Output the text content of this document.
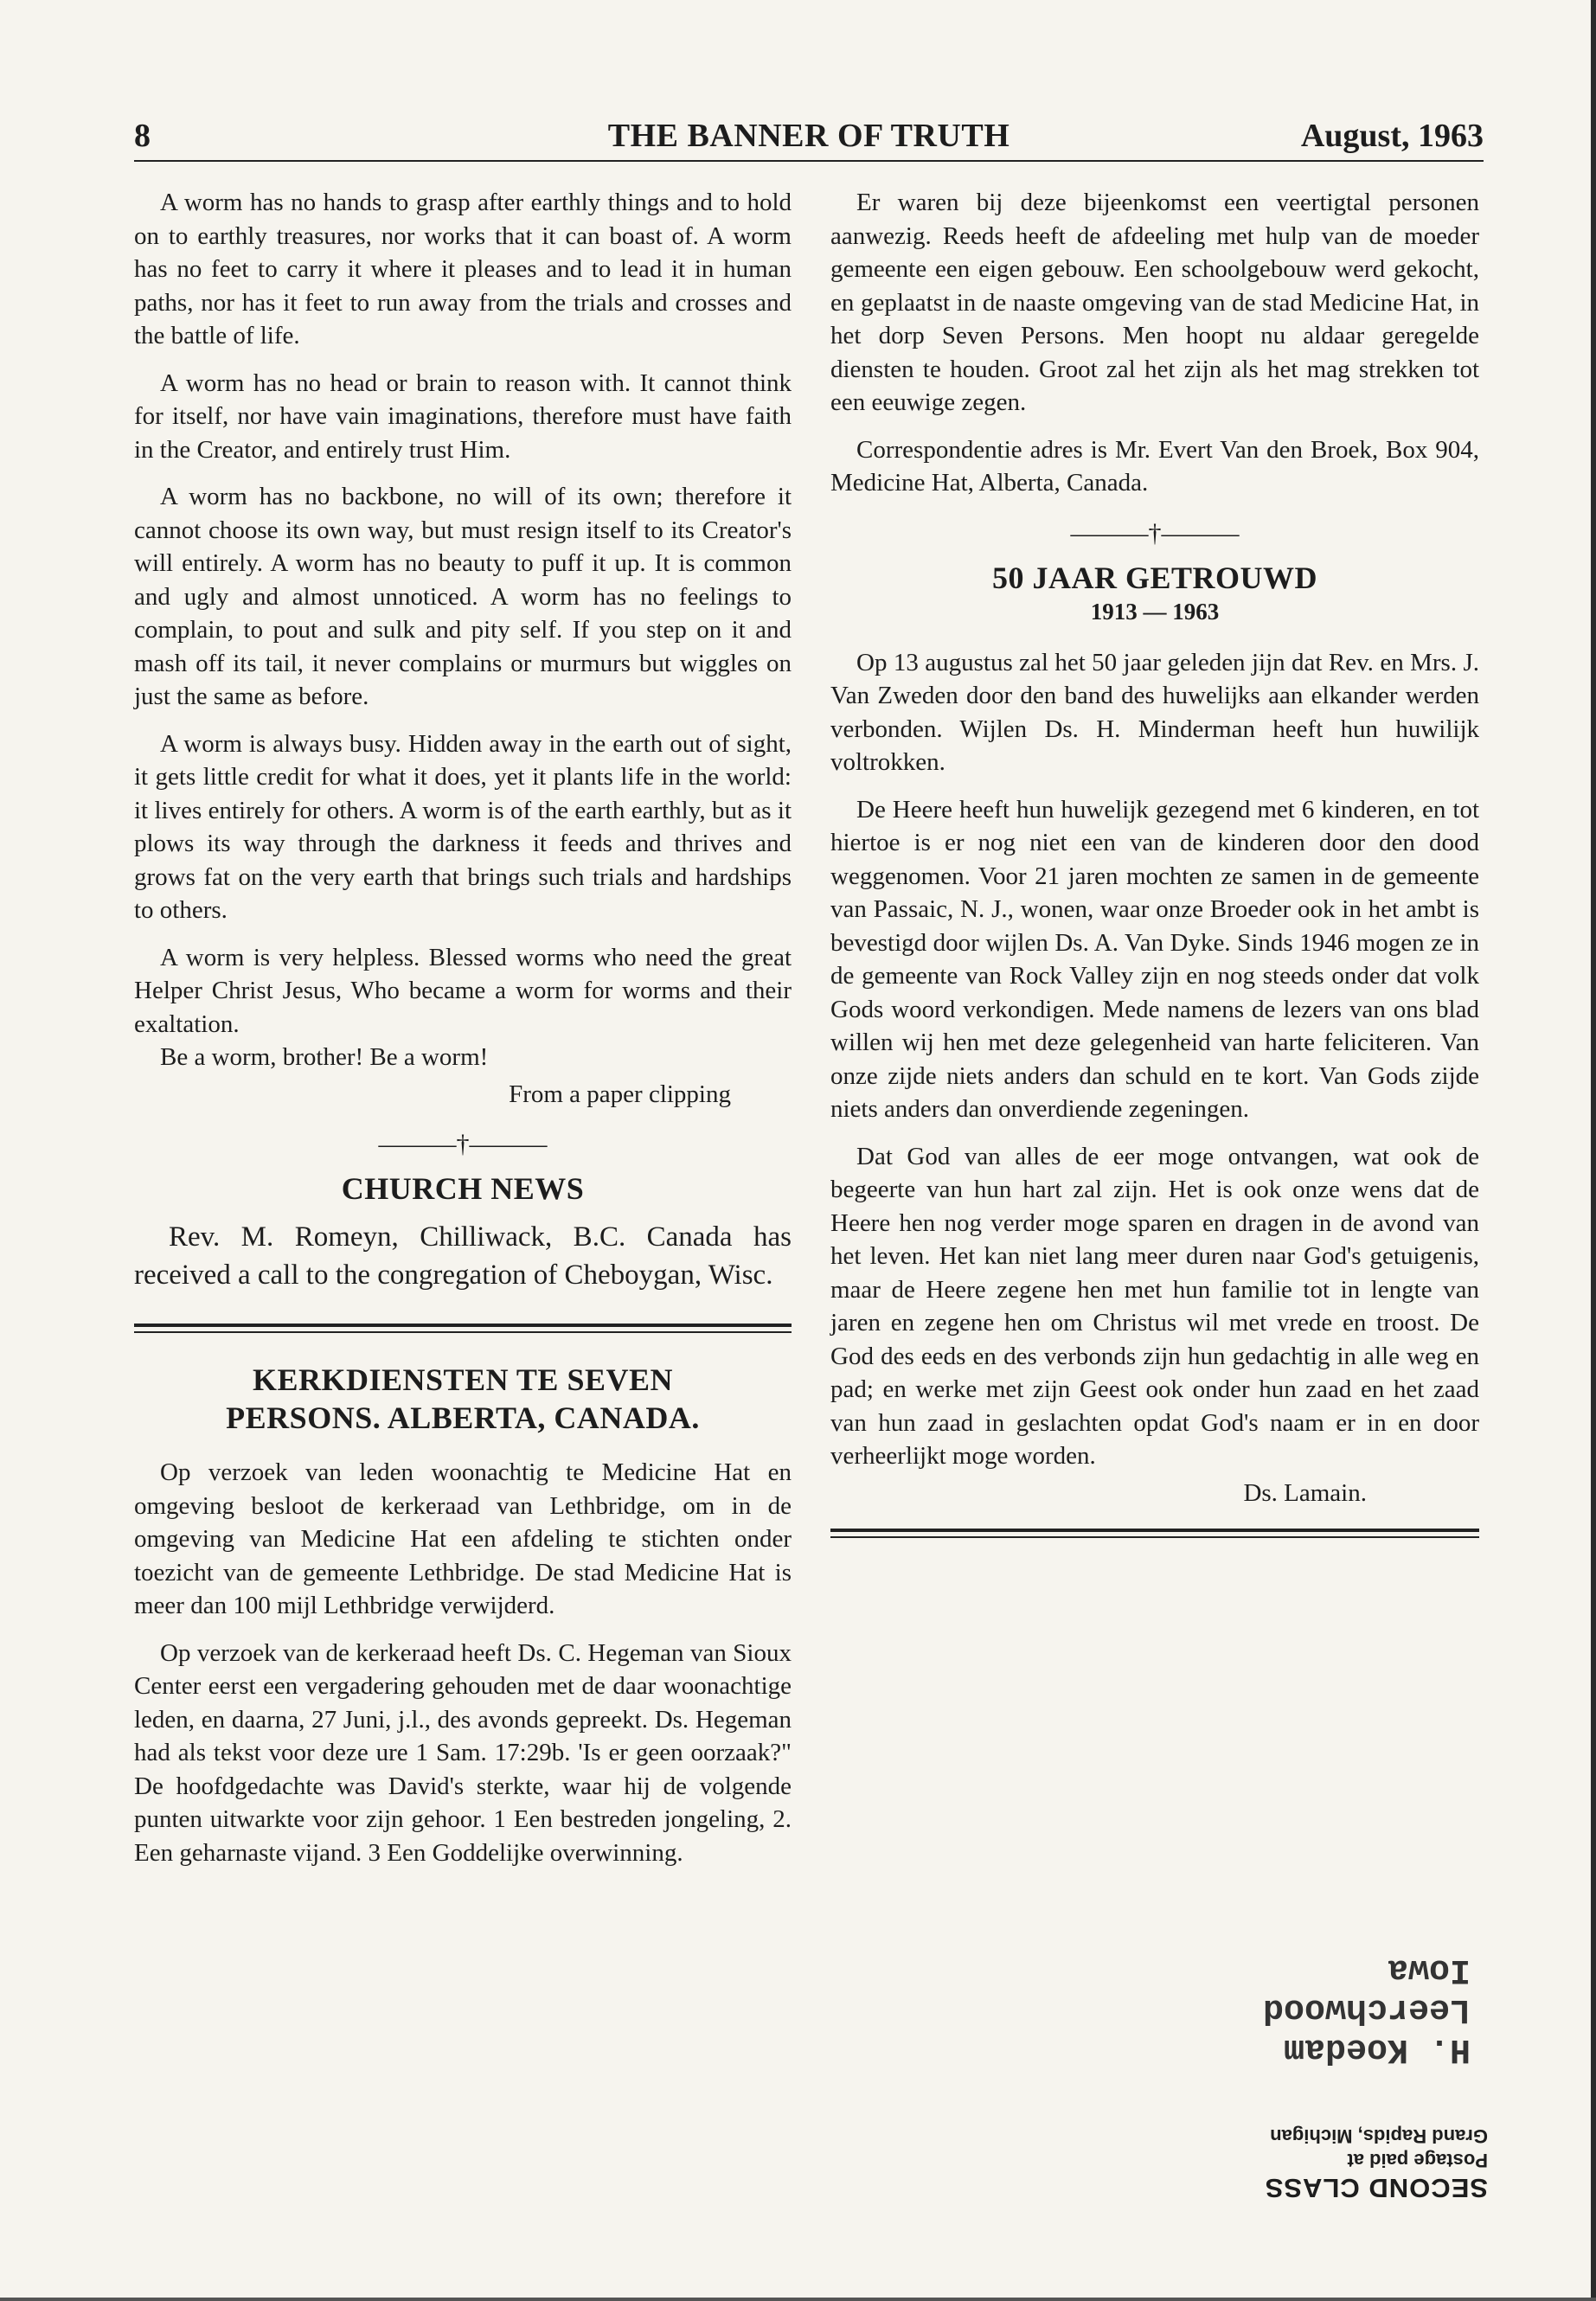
8	THE BANNER OF TRUTH	August, 1963

A worm has no hands to grasp after earthly things and to hold on to earthly treasures, nor works that it can boast of. A worm has no feet to carry it where it pleases and to lead it in human paths, nor has it feet to run away from the trials and crosses and the battle of life.

A worm has no head or brain to reason with. It cannot think for itself, nor have vain imaginations, therefore must have faith in the Creator, and entirely trust Him.

A worm has no backbone, no will of its own; therefore it cannot choose its own way, but must resign itself to its Creator's will entirely. A worm has no beauty to puff it up. It is common and ugly and almost unnoticed. A worm has no feelings to complain, to pout and sulk and pity self. If you step on it and mash off its tail, it never complains or murmurs but wiggles on just the same as before.

A worm is always busy. Hidden away in the earth out of sight, it gets little credit for what it does, yet it plants life in the world: it lives entirely for others. A worm is of the earth earthly, but as it plows its way through the darkness it feeds and thrives and grows fat on the very earth that brings such trials and hardships to others.

A worm is very helpless. Blessed worms who need the great Helper Christ Jesus, Who became a worm for worms and their exaltation.

Be a worm, brother! Be a worm!

From a paper clipping

———†———
CHURCH NEWS

Rev. M. Romeyn, Chilliwack, B.C. Canada has received a call to the congregation of Cheboygan, Wisc.

KERKDIENSTEN TE SEVEN
PERSONS. ALBERTA, CANADA.

Op verzoek van leden woonachtig te Medicine Hat en omgeving besloot de kerkeraad van Lethbridge, om in de omgeving van Medicine Hat een afdeling te stichten onder toezicht van de gemeente Lethbridge. De stad Medicine Hat is meer dan 100 mijl Lethbridge verwijderd.

Op verzoek van de kerkeraad heeft Ds. C. Hegeman van Sioux Center eerst een vergadering gehouden met de daar woonachtige leden, en daarna, 27 Juni, j.l., des avonds gepreekt. Ds. Hegeman had als tekst voor deze ure 1 Sam. 17:29b. 'Is er geen oorzaak?" De hoofdgedachte was David's sterkte, waar hij de volgende punten uitwarkte voor zijn gehoor. 1 Een bestreden jongeling, 2. Een geharnaste vijand. 3 Een Goddelijke overwinning.

Er waren bij deze bijeenkomst een veertigtal personen aanwezig. Reeds heeft de afdeeling met hulp van de moeder gemeente een eigen gebouw. Een schoolgebouw werd gekocht, en geplaatst in de naaste omgeving van de stad Medicine Hat, in het dorp Seven Persons. Men hoopt nu aldaar geregelde diensten te houden. Groot zal het zijn als het mag strekken tot een eeuwige zegen.

Correspondentie adres is Mr. Evert Van den Broek, Box 904, Medicine Hat, Alberta, Canada.

———†———
50 JAAR GETROUWD
1913 — 1963

Op 13 augustus zal het 50 jaar geleden jijn dat Rev. en Mrs. J. Van Zweden door den band des huwelijks aan elkander werden verbonden. Wijlen Ds. H. Minderman heeft hun huwilijk voltrokken.

De Heere heeft hun huwelijk gezegend met 6 kinderen, en tot hiertoe is er nog niet een van de kinderen door den dood weggenomen. Voor 21 jaren mochten ze samen in de gemeente van Passaic, N. J., wonen, waar onze Broeder ook in het ambt is bevestigd door wijlen Ds. A. Van Dyke. Sinds 1946 mogen ze in de gemeente van Rock Valley zijn en nog steeds onder dat volk Gods woord verkondigen. Mede namens de lezers van ons blad willen wij hen met deze gelegenheid van harte feliciteren. Van onze zijde niets anders dan schuld en te kort. Van Gods zijde niets anders dan onverdiende zegeningen.

Dat God van alles de eer moge ontvangen, wat ook de begeerte van hun hart zal zijn. Het is ook onze wens dat de Heere hen nog verder moge sparen en dragen in de avond van het leven. Het kan niet lang meer duren naar God's getuigenis, maar de Heere zegene hen met hun familie tot in lengte van jaren en zegene hen om Christus wil met vrede en troost. De God des eeds en des verbonds zijn hun gedachtig in alle weg en pad; en werke met zijn Geest ook onder hun zaad en het zaad van hun zaad in geslachten opdat God's naam er in en door verheerlijkt moge worden.

Ds. Lamain.

SECOND CLASS
Postage paid at
Grand Rapids, Michigan
H. Koedam
Leerchwood
Iowa
